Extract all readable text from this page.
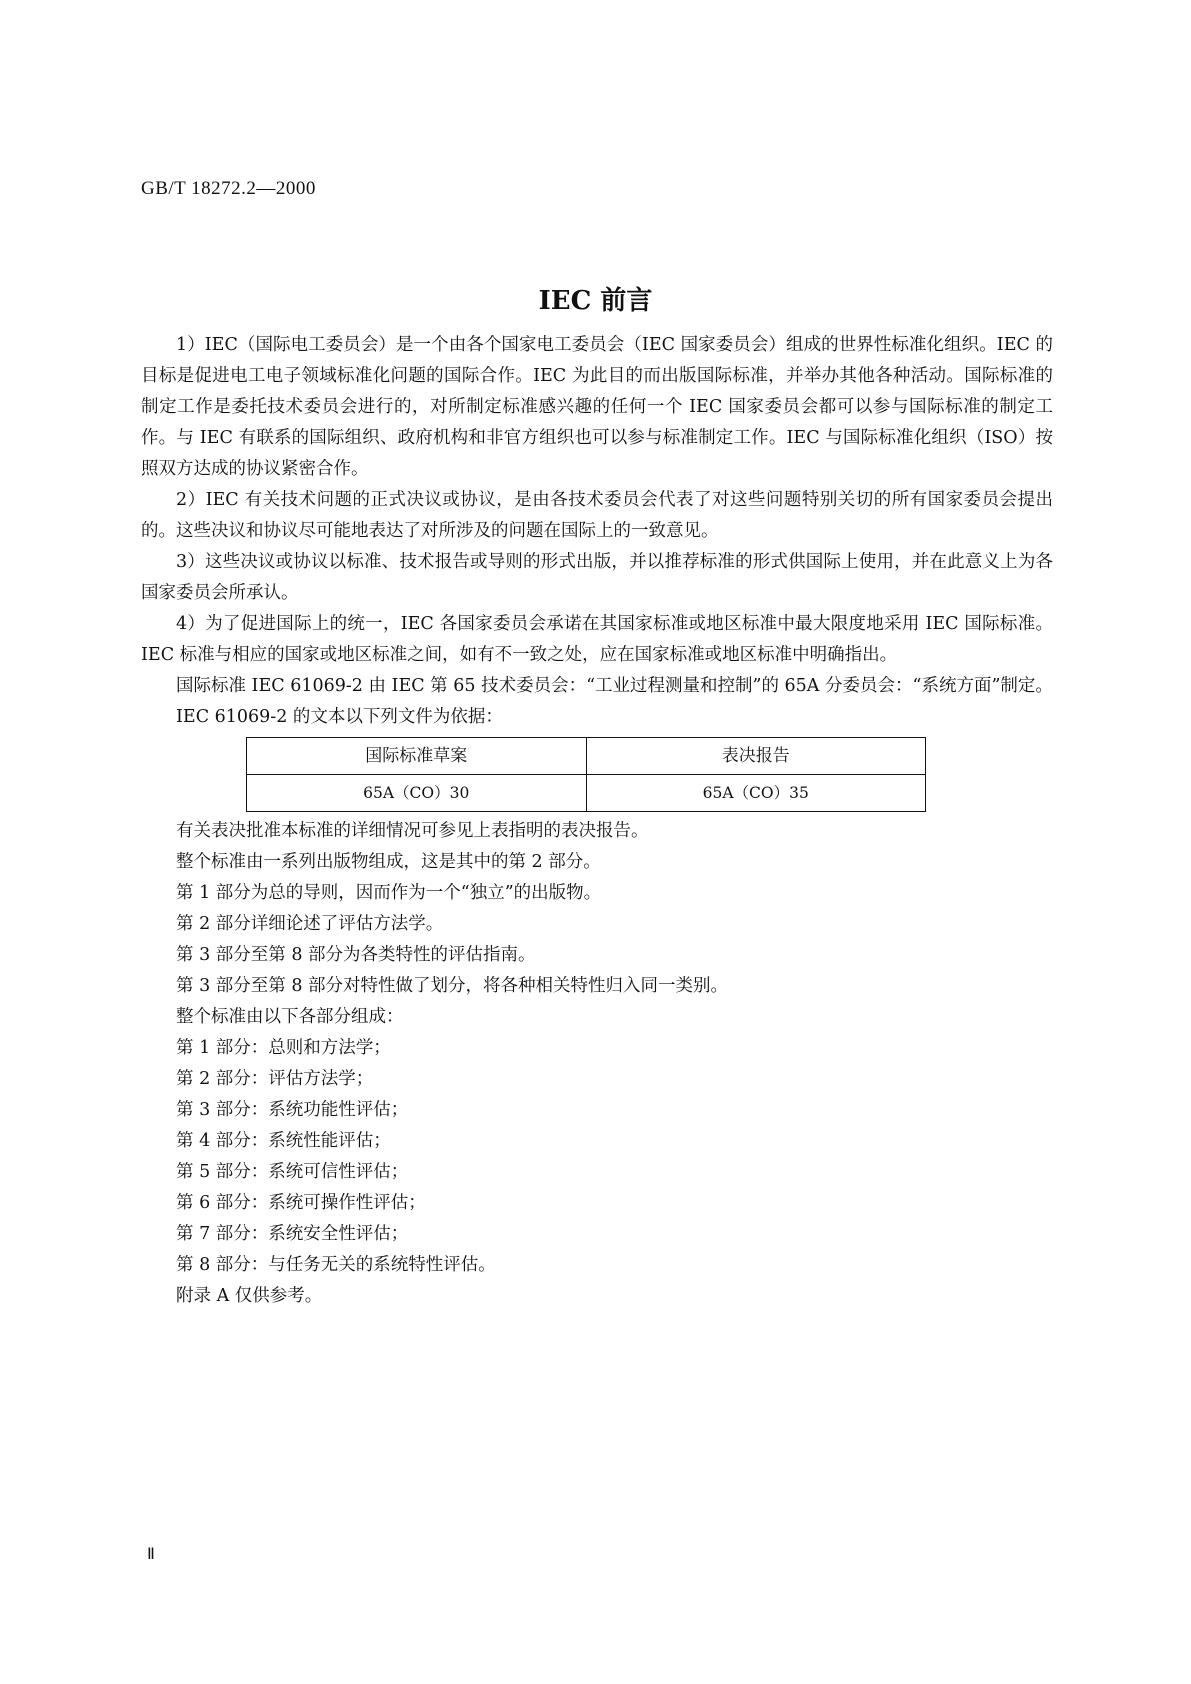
GB/T 18272.2—2000
IEC 前言

1）IEC（国际电工委员会）是一个由各个国家电工委员会（IEC 国家委员会）组成的世界性标准化组织。IEC 的目标是促进电工电子领域标准化问题的国际合作。IEC 为此目的而出版国际标准，并举办其他各种活动。国际标准的制定工作是委托技术委员会进行的，对所制定标准感兴趣的任何一个 IEC 国家委员会都可以参与国际标准的制定工作。与 IEC 有联系的国际组织、政府机构和非官方组织也可以参与标准制定工作。IEC 与国际标准化组织（ISO）按照双方达成的协议紧密合作。

2）IEC 有关技术问题的正式决议或协议，是由各技术委员会代表了对这些问题特别关切的所有国家委员会提出的。这些决议和协议尽可能地表达了对所涉及的问题在国际上的一致意见。

3）这些决议或协议以标准、技术报告或导则的形式出版，并以推荐标准的形式供国际上使用，并在此意义上为各国家委员会所承认。

4）为了促进国际上的统一，IEC 各国家委员会承诺在其国家标准或地区标准中最大限度地采用 IEC 国际标准。IEC 标准与相应的国家或地区标准之间，如有不一致之处，应在国家标准或地区标准中明确指出。

国际标准 IEC 61069-2 由 IEC 第 65 技术委员会：“工业过程测量和控制”的 65A 分委员会：“系统方面”制定。

IEC 61069-2 的文本以下列文件为依据：

国际标准草案	表决报告
65A（CO）30	65A（CO）35

有关表决批准本标准的详细情况可参见上表指明的表决报告。

整个标准由一系列出版物组成，这是其中的第 2 部分。

第 1 部分为总的导则，因而作为一个“独立”的出版物。

第 2 部分详细论述了评估方法学。

第 3 部分至第 8 部分为各类特性的评估指南。

第 3 部分至第 8 部分对特性做了划分，将各种相关特性归入同一类别。

整个标准由以下各部分组成：

第 1 部分：总则和方法学；

第 2 部分：评估方法学；

第 3 部分：系统功能性评估；

第 4 部分：系统性能评估；

第 5 部分：系统可信性评估；

第 6 部分：系统可操作性评估；

第 7 部分：系统安全性评估；

第 8 部分：与任务无关的系统特性评估。

附录 A 仅供参考。

Ⅱ
